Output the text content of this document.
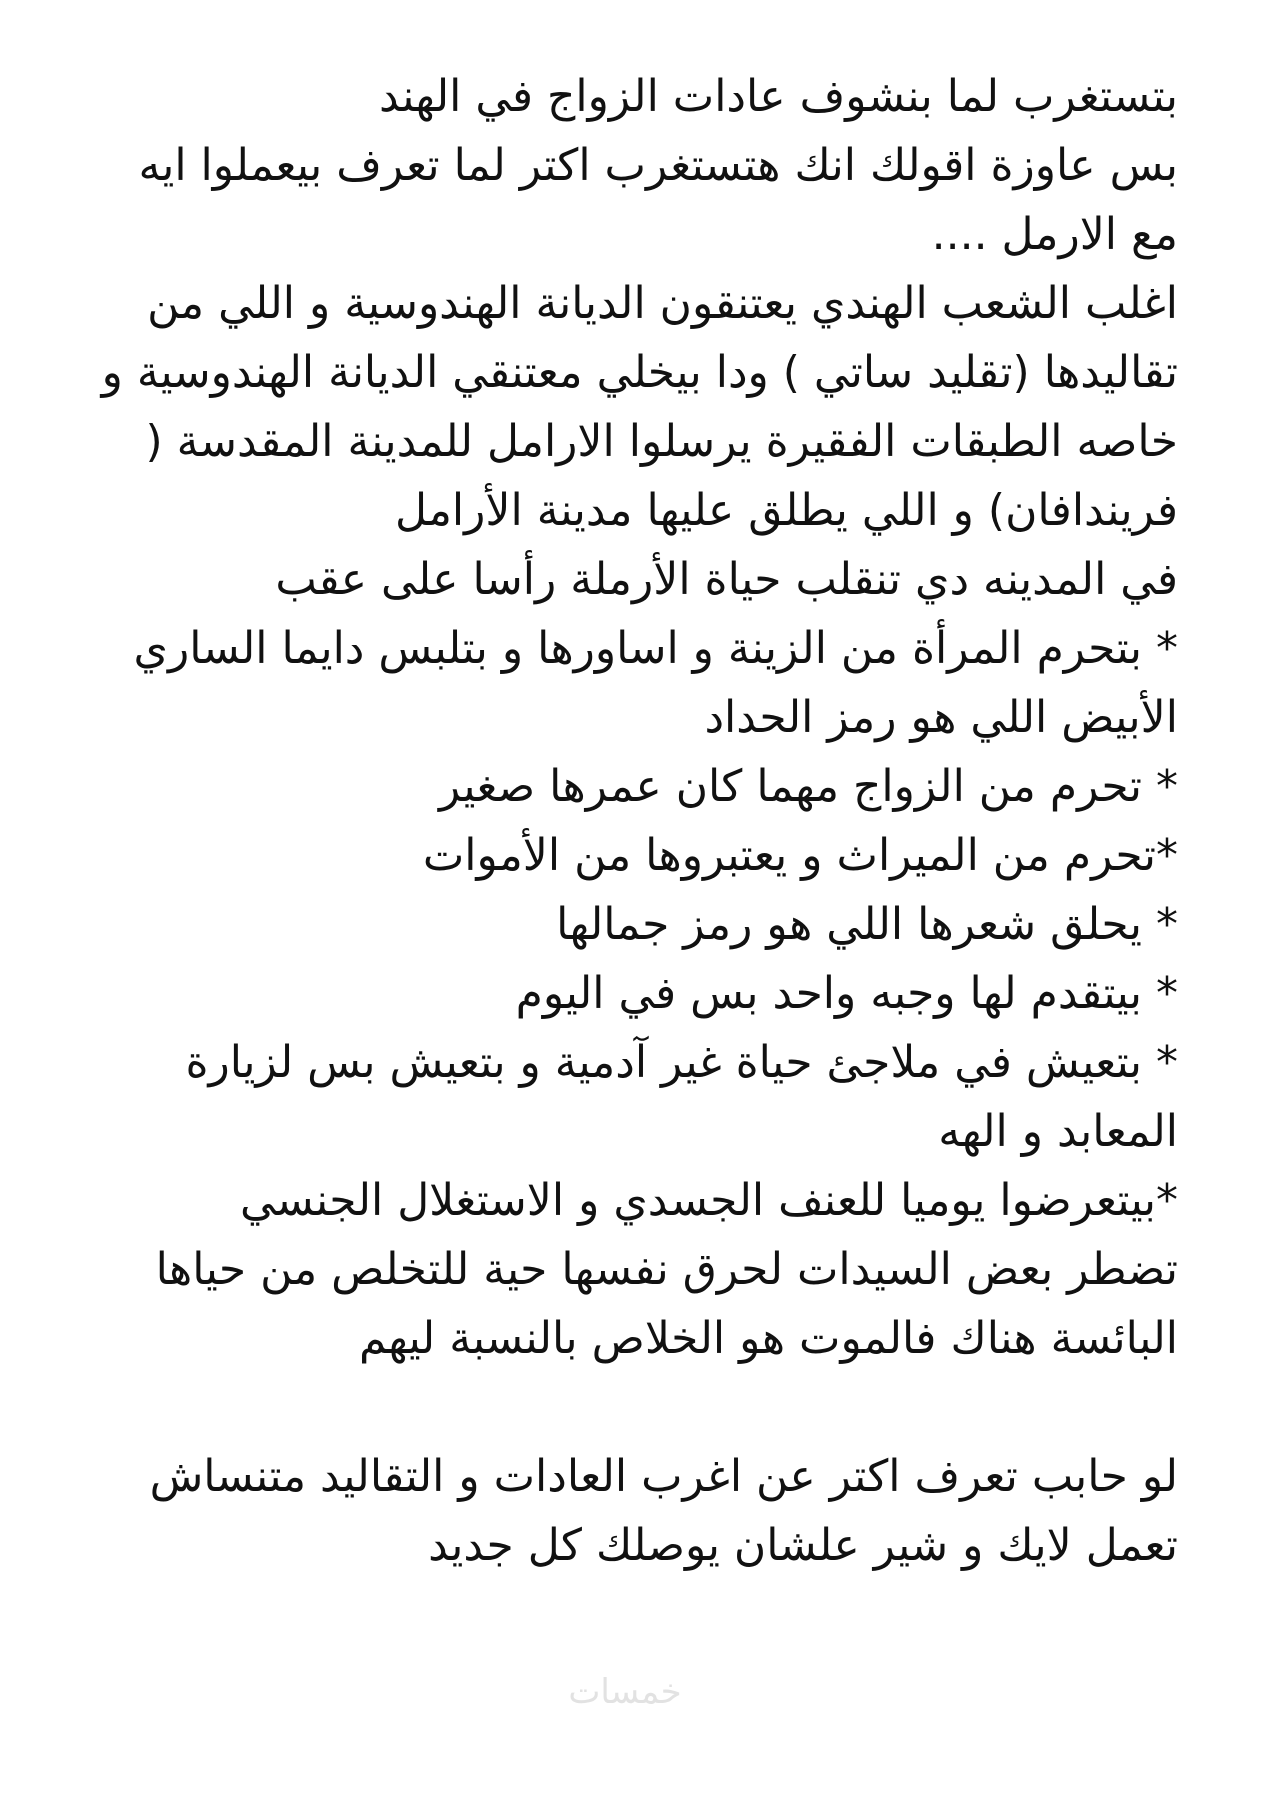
بتستغرب لما بنشوف عادات الزواج في الهند
بس عاوزة اقولك انك هتستغرب اكتر لما تعرف بيعملوا ايه
مع الارمل ....
اغلب الشعب الهندي يعتنقون الديانة الهندوسية و اللي من
تقاليدها (تقليد ساتي ) ودا بيخلي معتنقي الديانة الهندوسية و
خاصه الطبقات الفقيرة يرسلوا الارامل للمدينة المقدسة (
فريندافان) و اللي يطلق عليها مدينة الأرامل
في المدينه دي تنقلب حياة الأرملة رأسا على عقب
* بتحرم المرأة من الزينة و اساورها و بتلبس دايما الساري
الأبيض اللي هو رمز الحداد
* تحرم من الزواج مهما كان عمرها صغير
*تحرم من الميراث و يعتبروها من الأموات
* يحلق شعرها اللي هو رمز جمالها
* بيتقدم لها وجبه واحد بس في اليوم
* بتعيش في ملاجئ حياة غير آدمية و بتعيش بس لزيارة
المعابد و الهه
*بيتعرضوا يوميا للعنف الجسدي و الاستغلال الجنسي
تضطر بعض السيدات لحرق نفسها حية للتخلص من حياها
البائسة هناك فالموت هو الخلاص بالنسبة ليهم
لو حابب تعرف اكتر عن اغرب العادات و التقاليد متنساش
تعمل لايك و شير علشان يوصلك كل جديد
خمسات
